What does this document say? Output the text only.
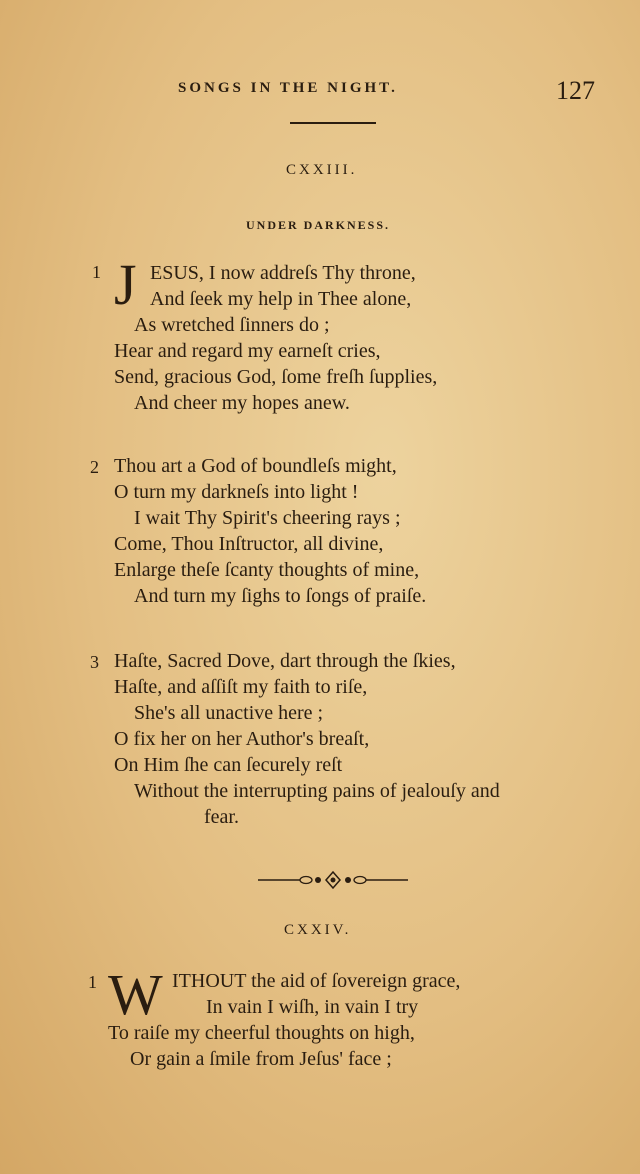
SONGS IN THE NIGHT.	127
CXXIII.
UNDER DARKNESS.
1 J ESUS, I now addreſs Thy throne,
And ſeek my help in Thee alone,
As wretched ſinners do ;
Hear and regard my earneſt cries,
Send, gracious God, ſome freſh ſupplies,
And cheer my hopes anew.
2 Thou art a God of boundleſs might,
O turn my darkneſs into light !
I wait Thy Spirit's cheering rays ;
Come, Thou Inſtructor, all divine,
Enlarge theſe ſcanty thoughts of mine,
And turn my ſighs to ſongs of praiſe.
3 Haſte, Sacred Dove, dart through the ſkies,
Haſte, and aſſiſt my faith to riſe,
She's all unactive here ;
O fix her on her Author's breaſt,
On Him ſhe can ſecurely reſt
Without the interrupting pains of jealouſy and
fear.
CXXIV.
1 W ITHOUT the aid of ſovereign grace,
In vain I wiſh, in vain I try
To raiſe my cheerful thoughts on high,
Or gain a ſmile from Jeſus' face ;
